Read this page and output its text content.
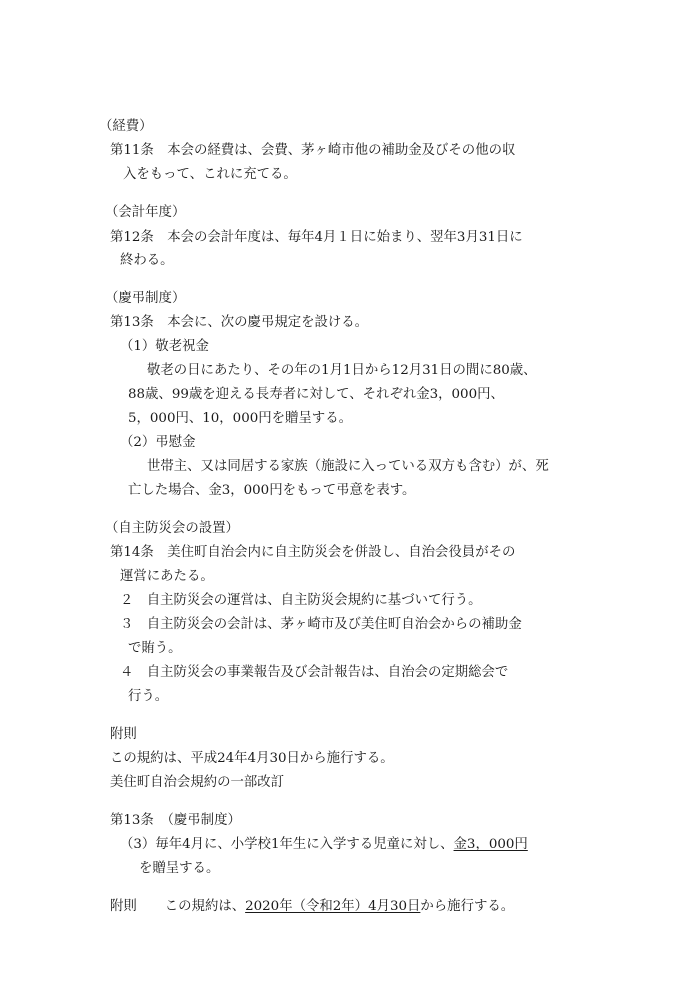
（経費）
第11条　本会の経費は、会費、茅ヶ崎市他の補助金及びその他の収
入をもって、これに充てる。
（会計年度）
第12条　本会の会計年度は、毎年4月１日に始まり、翌年3月31日に
終わる。
（慶弔制度）
第13条　本会に、次の慶弔規定を設ける。
（1）敬老祝金
敬老の日にあたり、その年の1月1日から12月31日の間に80歳、
88歳、99歳を迎える長寿者に対して、それぞれ金3，000円、
5，000円、10，000円を贈呈する。
（2）弔慰金
世帯主、又は同居する家族（施設に入っている双方も含む）が、死
亡した場合、金3，000円をもって弔意を表す。
（自主防災会の設置）
第14条　美住町自治会内に自主防災会を併設し、自治会役員がその
運営にあたる。
２　自主防災会の運営は、自主防災会規約に基づいて行う。
３　自主防災会の会計は、茅ヶ崎市及び美住町自治会からの補助金
で賄う。
４　自主防災会の事業報告及び会計報告は、自治会の定期総会で
行う。
附則
この規約は、平成24年4月30日から施行する。
美住町自治会規約の一部改訂
第13条　（慶弔制度）
（3）毎年4月に、小学校1年生に入学する児童に対し、金3，000円
を贈呈する。
附則 この規約は、2020年（令和2年）4月30日から施行する。
